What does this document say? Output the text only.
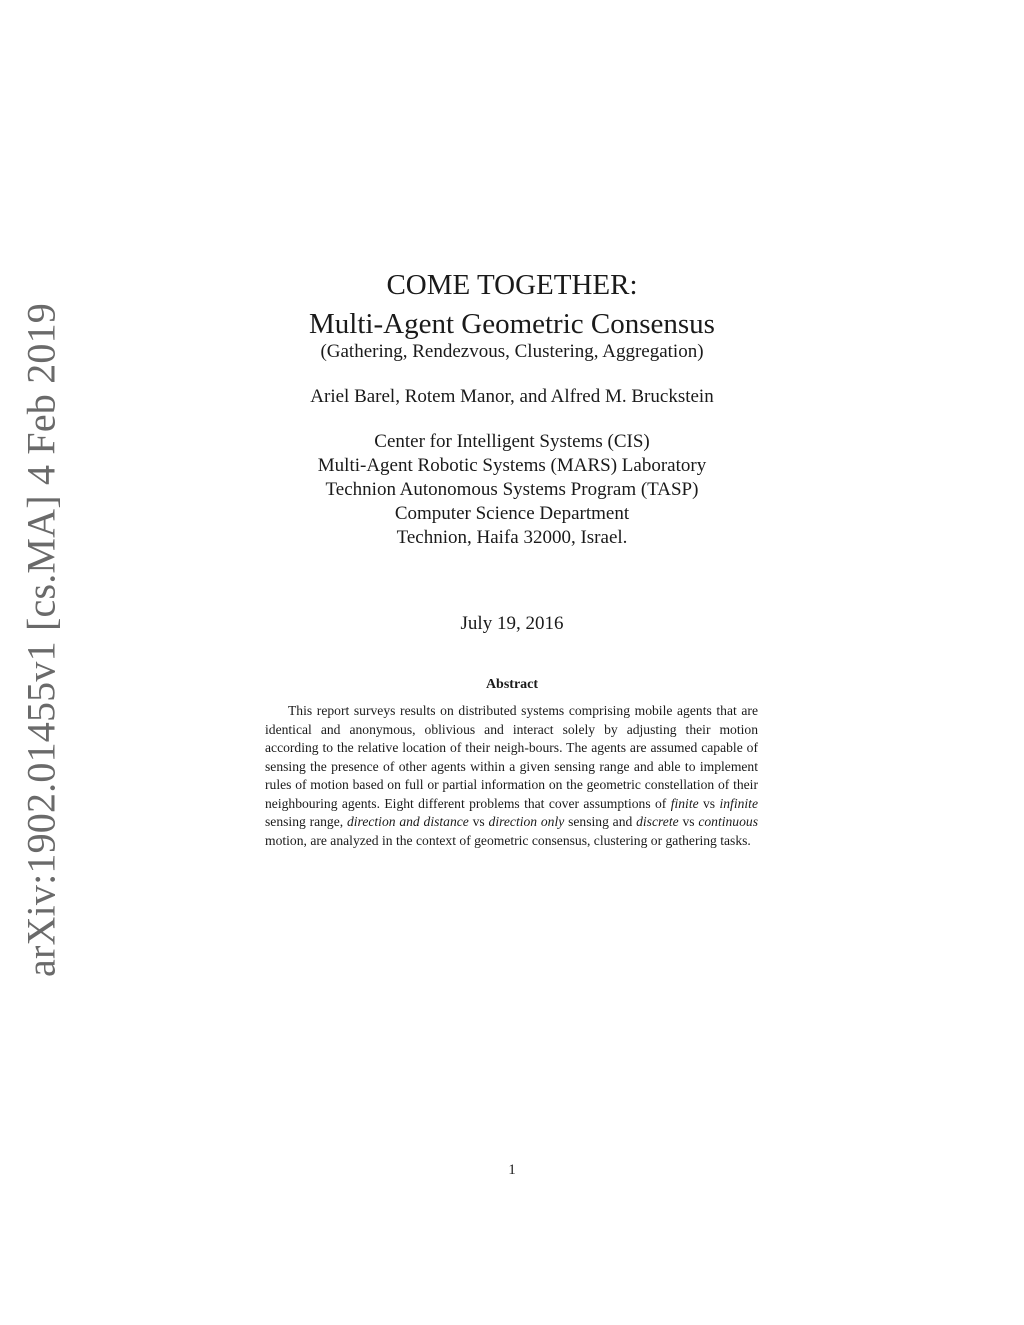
arXiv:1902.01455v1 [cs.MA] 4 Feb 2019
COME TOGETHER:
Multi-Agent Geometric Consensus
(Gathering, Rendezvous, Clustering, Aggregation)
Ariel Barel, Rotem Manor, and Alfred M. Bruckstein
Center for Intelligent Systems (CIS)
Multi-Agent Robotic Systems (MARS) Laboratory
Technion Autonomous Systems Program (TASP)
Computer Science Department
Technion, Haifa 32000, Israel.
July 19, 2016
Abstract
This report surveys results on distributed systems comprising mobile agents that are identical and anonymous, oblivious and interact solely by adjusting their motion according to the relative location of their neigh-bours. The agents are assumed capable of sensing the presence of other agents within a given sensing range and able to implement rules of motion based on full or partial information on the geometric constellation of their neighbouring agents. Eight different problems that cover assumptions of finite vs infinite sensing range, direction and distance vs direction only sensing and discrete vs continuous motion, are analyzed in the context of geometric consensus, clustering or gathering tasks.
1
